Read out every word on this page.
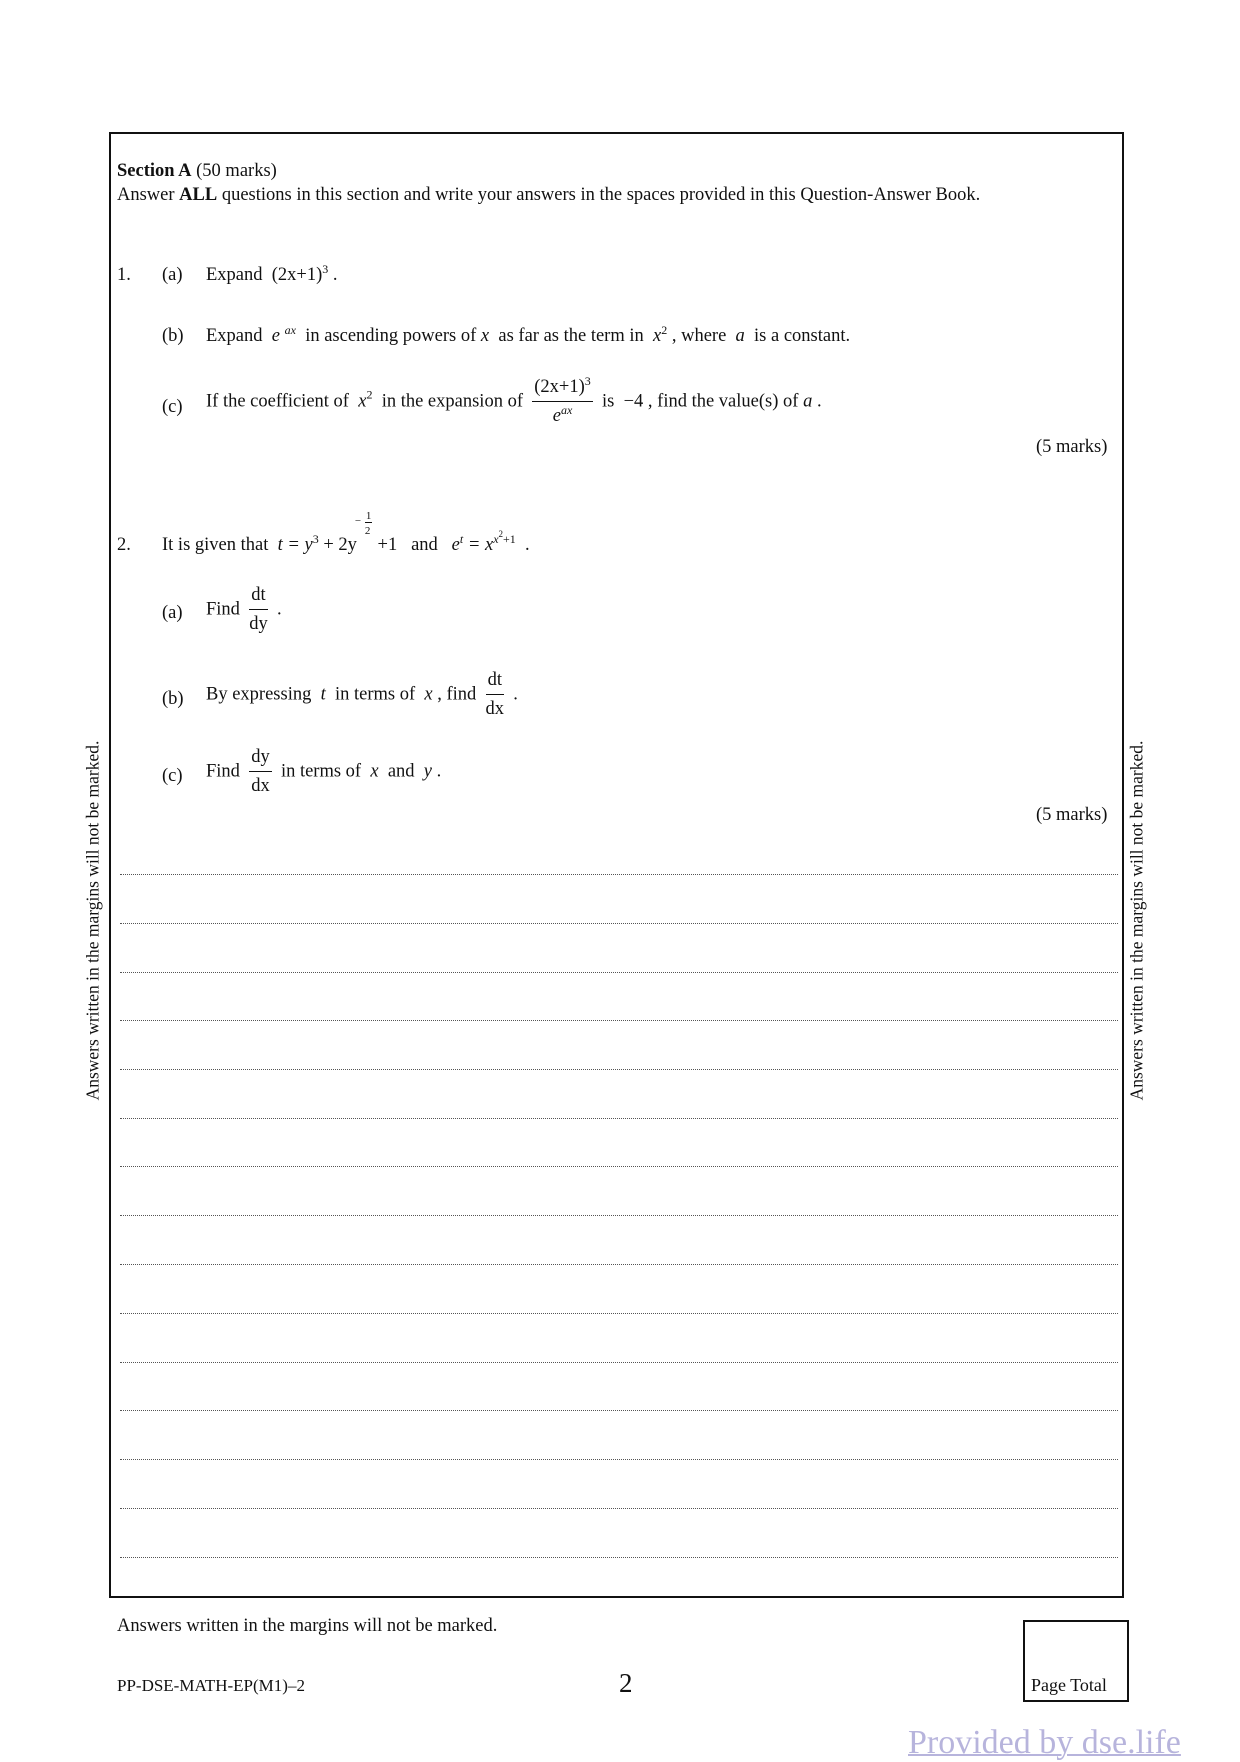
Section A (50 marks)
Answer ALL questions in this section and write your answers in the spaces provided in this Question-Answer Book.
1. (a) Expand $(2x+1)^3$ .
(b) Expand e $^{ax}$ in ascending powers of x as far as the term in $x^2$ , where a is a constant.
(c) If the coefficient of $x^2$ in the expansion of $\frac{(2x+1)^3}{e^{ax}}$ is −4 , find the value(s) of a .
(5 marks)
2. It is given that $t = y^3 + 2y$
− 1
2
+1 and $e^t = x^{x2+1}$ .
(a) Find $\frac{dt}{dy}$ .
(b) By expressing t in terms of x , find $\frac{dt}{dx}$ .
(c) Find $\frac{dy}{dx}$ in terms of x and y .
(5 marks)
Answers written in the margins will not be marked.	Answers written in the margins will not be marked.
Answers written in the margins will not be marked.
PP-DSE-MATH-EP(M1)–2	2	Page Total
Provided by dse.life
